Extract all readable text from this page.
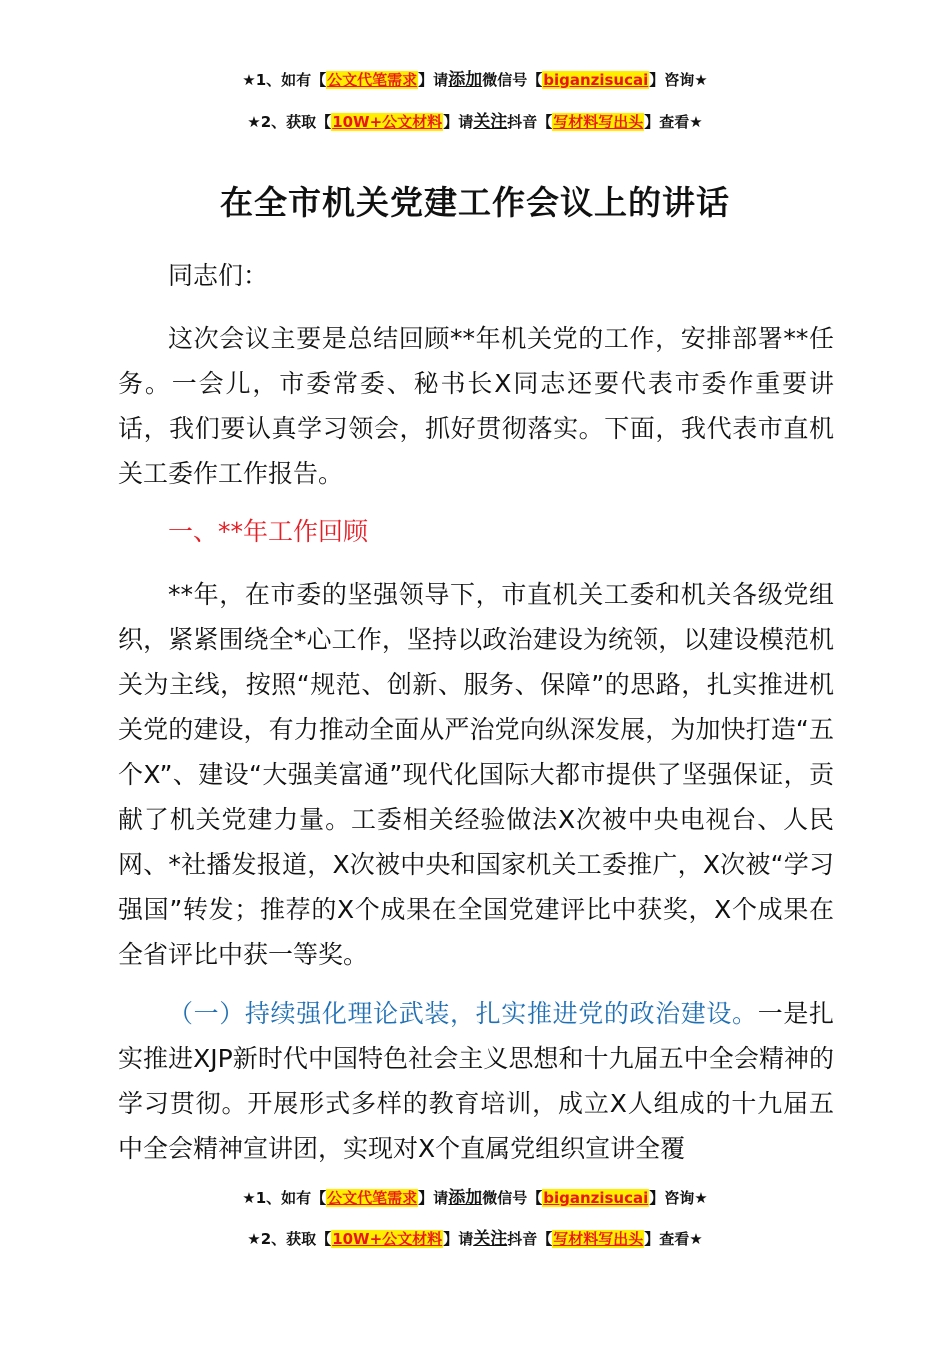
★1、如有【公文代笔需求】请添加微信号【biganzisucai】咨询★
★2、获取【10W+公文材料】请关注抖音【写材料写出头】查看★
在全市机关党建工作会议上的讲话
同志们：

这次会议主要是总结回顾**年机关党的工作，安排部署**任务。一会儿，市委常委、秘书长X同志还要代表市委作重要讲话，我们要认真学习领会，抓好贯彻落实。下面，我代表市直机关工委作工作报告。

一、**年工作回顾

**年，在市委的坚强领导下，市直机关工委和机关各级党组织，紧紧围绕全*心工作，坚持以政治建设为统领，以建设模范机关为主线，按照“规范、创新、服务、保障”的思路，扎实推进机关党的建设，有力推动全面从严治党向纵深发展，为加快打造“五个X”、建设“大强美富通”现代化国际大都市提供了坚强保证，贡献了机关党建力量。工委相关经验做法X次被中央电视台、人民网、*社播发报道，X次被中央和国家机关工委推广，X次被“学习强国”转发；推荐的X个成果在全国党建评比中获奖，X个成果在全省评比中获一等奖。

（一）持续强化理论武装，扎实推进党的政治建设。一是扎实推进XJP新时代中国特色社会主义思想和十九届五中全会精神的学习贯彻。开展形式多样的教育培训，成立X人组成的十九届五中全会精神宣讲团，实现对X个直属党组织宣讲全覆

★1、如有【公文代笔需求】请添加微信号【biganzisucai】咨询★
★2、获取【10W+公文材料】请关注抖音【写材料写出头】查看★
